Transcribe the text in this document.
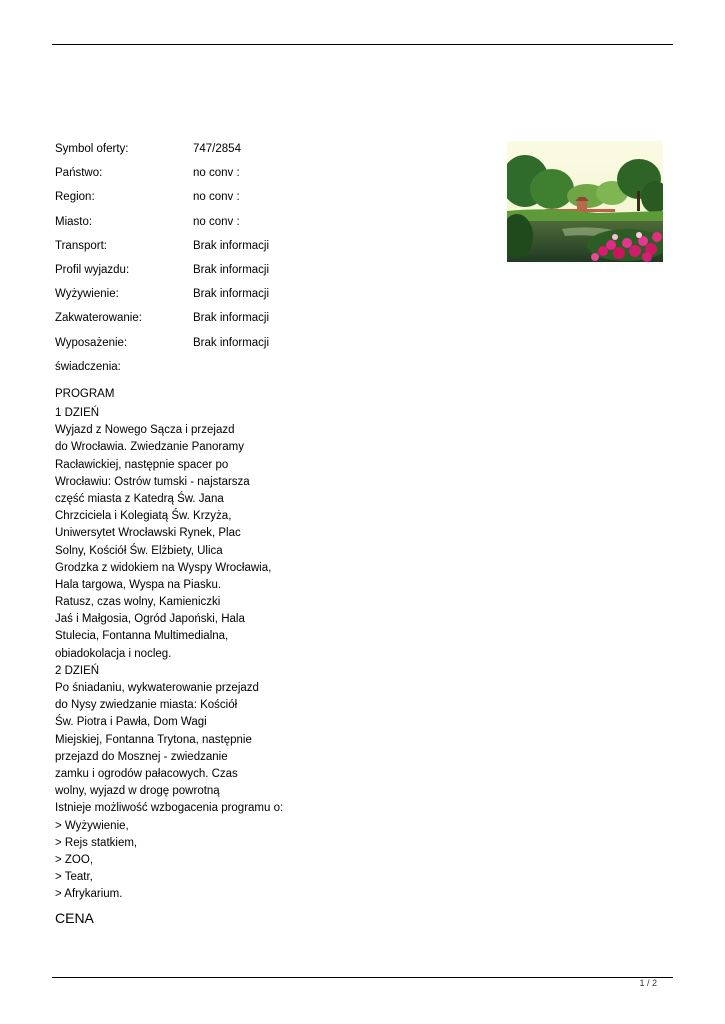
Symbol oferty:	747/2854
Państwo:	no conv :
Region:	no conv :
Miasto:	no conv :
Transport:	Brak informacji
Profil wyjazdu:	Brak informacji
Wyżywienie:	Brak informacji
Zakwaterowanie:	Brak informacji
Wyposażenie:	Brak informacji
świadczenia:
PROGRAM
1 DZIEŃ
Wyjazd z Nowego Sącza i przejazd
do Wrocławia. Zwiedzanie Panoramy
Racławickiej, następnie spacer po
Wrocławiu: Ostrów tumski - najstarsza
część miasta z Katedrą Św. Jana
Chrzciciela i Kolegiatą Św. Krzyża,
Uniwersytet Wrocławski Rynek, Plac
Solny, Kościół Św. Elżbiety, Ulica
Grodzka z widokiem na Wyspy Wrocławia,
Hala targowa, Wyspa na Piasku.
Ratusz, czas wolny, Kamieniczki
Jaś i Małgosia, Ogród Japoński, Hala
Stulecia, Fontanna Multimedialna,
obiadokolacja i nocleg.
2 DZIEŃ
Po śniadaniu, wykwaterowanie przejazd
do Nysy zwiedzanie miasta: Kościół
Św. Piotra i Pawła, Dom Wagi
Miejskiej, Fontanna Trytona, następnie
przejazd do Mosznej - zwiedzanie
zamku i ogrodów pałacowych. Czas
wolny, wyjazd w drogę powrotną
Istnieje możliwość wzbogacenia programu o:
> Wyżywienie,
> Rejs statkiem,
> ZOO,
> Teatr,
> Afrykarium.
CENA
1 / 2
